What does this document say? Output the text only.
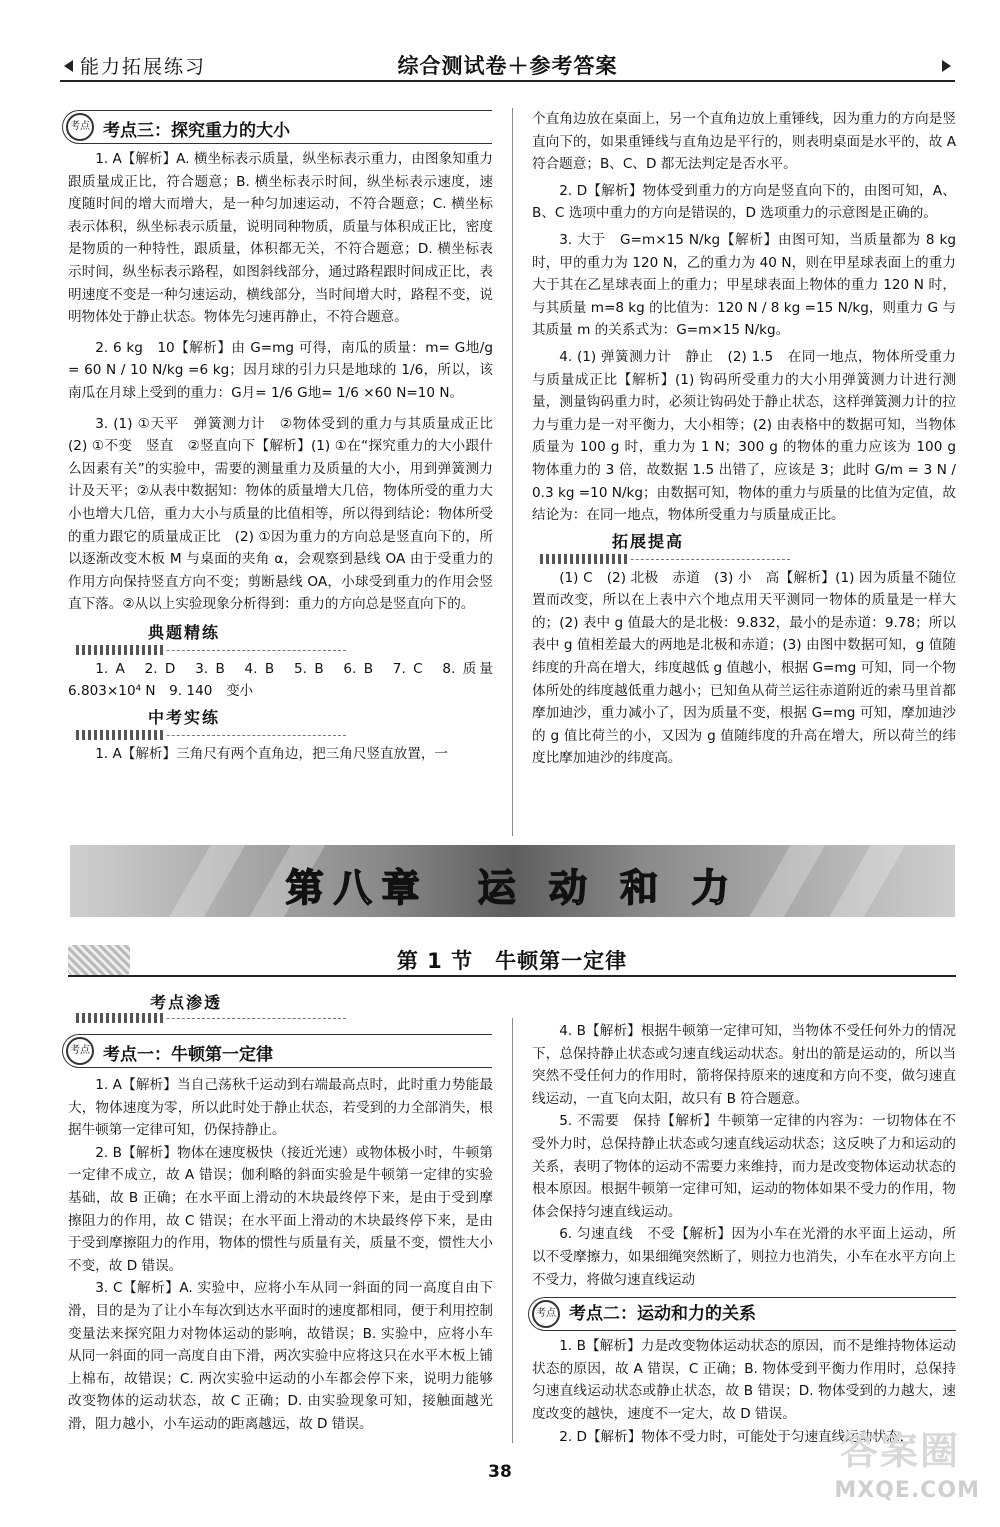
能力拓展练习	综合测试卷＋参考答案
考点 考点三：探究重力的大小

1. A【解析】A. 横坐标表示质量，纵坐标表示重力，由图象知重力跟质量成正比，符合题意；B. 横坐标表示时间，纵坐标表示速度，速度随时间的增大而增大，是一种匀加速运动，不符合题意；C. 横坐标表示体积，纵坐标表示质量，说明同种物质，质量与体积成正比，密度是物质的一种特性，跟质量，体积都无关，不符合题意；D. 横坐标表示时间，纵坐标表示路程，如图斜线部分，通过路程跟时间成正比，表明速度不变是一种匀速运动，横线部分，当时间增大时，路程不变，说明物体处于静止状态。物体先匀速再静止，不符合题意。

2. 6 kg　10【解析】由 G=mg 可得，南瓜的质量：m= G地/g = 60 N / 10 N/kg =6 kg；因月球的引力只是地球的 1/6，所以，该南瓜在月球上受到的重力：G月= 1/6 G地= 1/6 ×60 N=10 N。

3. (1) ①天平　弹簧测力计　②物体受到的重力与其质量成正比　(2) ①不变　竖直　②竖直向下【解析】(1) ①在“探究重力的大小跟什么因素有关”的实验中，需要的测量重力及质量的大小，用到弹簧测力计及天平；②从表中数据知：物体的质量增大几倍，物体所受的重力大小也增大几倍，重力大小与质量的比值相等，所以得到结论：物体所受的重力跟它的质量成正比　(2) ①因为重力的方向总是竖直向下的，所以逐渐改变木板 M 与桌面的夹角 α，会观察到悬线 OA 由于受重力的作用方向保持竖直方向不变；剪断悬线 OA，小球受到重力的作用会竖直下落。②从以上实验现象分析得到：重力的方向总是竖直向下的。

典题精练

1. A　2. D　3. B　4. B　5. B　6. B　7. C　8. 质量　6.803×10⁴ N　9. 140　变小

中考实练

1. A【解析】三角尺有两个直角边，把三角尺竖直放置，一

个直角边放在桌面上，另一个直角边放上重锤线，因为重力的方向是竖直向下的，如果重锤线与直角边是平行的，则表明桌面是水平的，故 A 符合题意；B、C、D 都无法判定是否水平。

2. D【解析】物体受到重力的方向是竖直向下的，由图可知，A、B、C 选项中重力的方向是错误的，D 选项重力的示意图是正确的。

3. 大于　G=m×15 N/kg【解析】由图可知，当质量都为 8 kg 时，甲的重力为 120 N，乙的重力为 40 N，则在甲星球表面上的重力大于其在乙星球表面上的重力；甲星球表面上物体的重力 120 N 时，与其质量 m=8 kg 的比值为：120 N / 8 kg =15 N/kg，则重力 G 与其质量 m 的关系式为：G=m×15 N/kg。

4. (1) 弹簧测力计　静止　(2) 1.5　在同一地点，物体所受重力与质量成正比【解析】(1) 钩码所受重力的大小用弹簧测力计进行测量，测量钩码重力时，必须让钩码处于静止状态，这样弹簧测力计的拉力与重力是一对平衡力，大小相等；(2) 由表格中的数据可知，当物体质量为 100 g 时，重力为 1 N；300 g 的物体的重力应该为 100 g 物体重力的 3 倍，故数据 1.5 出错了，应该是 3；此时 G/m = 3 N / 0.3 kg =10 N/kg；由数据可知，物体的重力与质量的比值为定值，故结论为：在同一地点，物体所受重力与质量成正比。

拓展提高

(1) C　(2) 北极　赤道　(3) 小　高【解析】(1) 因为质量不随位置而改变，所以在上表中六个地点用天平测同一物体的质量是一样大的；(2) 表中 g 值最大的是北极：9.832，最小的是赤道：9.78；所以表中 g 值相差最大的两地是北极和赤道；(3) 由图中数据可知，g 值随纬度的升高在增大，纬度越低 g 值越小，根据 G=mg 可知，同一个物体所处的纬度越低重力越小；已知鱼从荷兰运往赤道附近的索马里首都摩加迪沙，重力减小了，因为质量不变，根据 G=mg 可知，摩加迪沙的 g 值比荷兰的小，又因为 g 值随纬度的升高在增大，所以荷兰的纬度比摩加迪沙的纬度高。

第八章　运 动 和 力
第 1 节　牛顿第一定律
考点渗透
考点 考点一：牛顿第一定律

1. A【解析】当自己荡秋千运动到右端最高点时，此时重力势能最大，物体速度为零，所以此时处于静止状态，若受到的力全部消失，根据牛顿第一定律可知，仍保持静止。

2. B【解析】物体在速度极快（接近光速）或物体极小时，牛顿第一定律不成立，故 A 错误；伽利略的斜面实验是牛顿第一定律的实验基础，故 B 正确；在水平面上滑动的木块最终停下来，是由于受到摩擦阻力的作用，故 C 错误；在水平面上滑动的木块最终停下来，是由于受到摩擦阻力的作用，物体的惯性与质量有关，质量不变，惯性大小不变，故 D 错误。

3. C【解析】A. 实验中，应将小车从同一斜面的同一高度自由下滑，目的是为了让小车每次到达水平面时的速度都相同，便于利用控制变量法来探究阻力对物体运动的影响，故错误；B. 实验中，应将小车从同一斜面的同一高度自由下滑，两次实验中应将这只在水平木板上铺上棉布，故错误；C. 两次实验中运动的小车都会停下来，说明力能够改变物体的运动状态，故 C 正确；D. 由实验现象可知，接触面越光滑，阻力越小，小车运动的距离越远，故 D 错误。

4. B【解析】根据牛顿第一定律可知，当物体不受任何外力的情况下，总保持静止状态或匀速直线运动状态。射出的箭是运动的，所以当突然不受任何力的作用时，箭将保持原来的速度和方向不变，做匀速直线运动，一直飞向太阳，故只有 B 符合题意。

5. 不需要　保持【解析】牛顿第一定律的内容为：一切物体在不受外力时，总保持静止状态或匀速直线运动状态；这反映了力和运动的关系，表明了物体的运动不需要力来维持，而力是改变物体运动状态的根本原因。根据牛顿第一定律可知，运动的物体如果不受力的作用，物体会保持匀速直线运动。

6. 匀速直线　不受【解析】因为小车在光滑的水平面上运动，所以不受摩擦力，如果细绳突然断了，则拉力也消失，小车在水平方向上不受力，将做匀速直线运动

考点 考点二：运动和力的关系

1. B【解析】力是改变物体运动状态的原因，而不是维持物体运动状态的原因，故 A 错误，C 正确；B. 物体受到平衡力作用时，总保持匀速直线运动状态或静止状态，故 B 错误；D. 物体受到的力越大，速度改变的越快，速度不一定大，故 D 错误。

2. D【解析】物体不受力时，可能处于匀速直线运动状态，

38	答案圈
MXQE.COM
